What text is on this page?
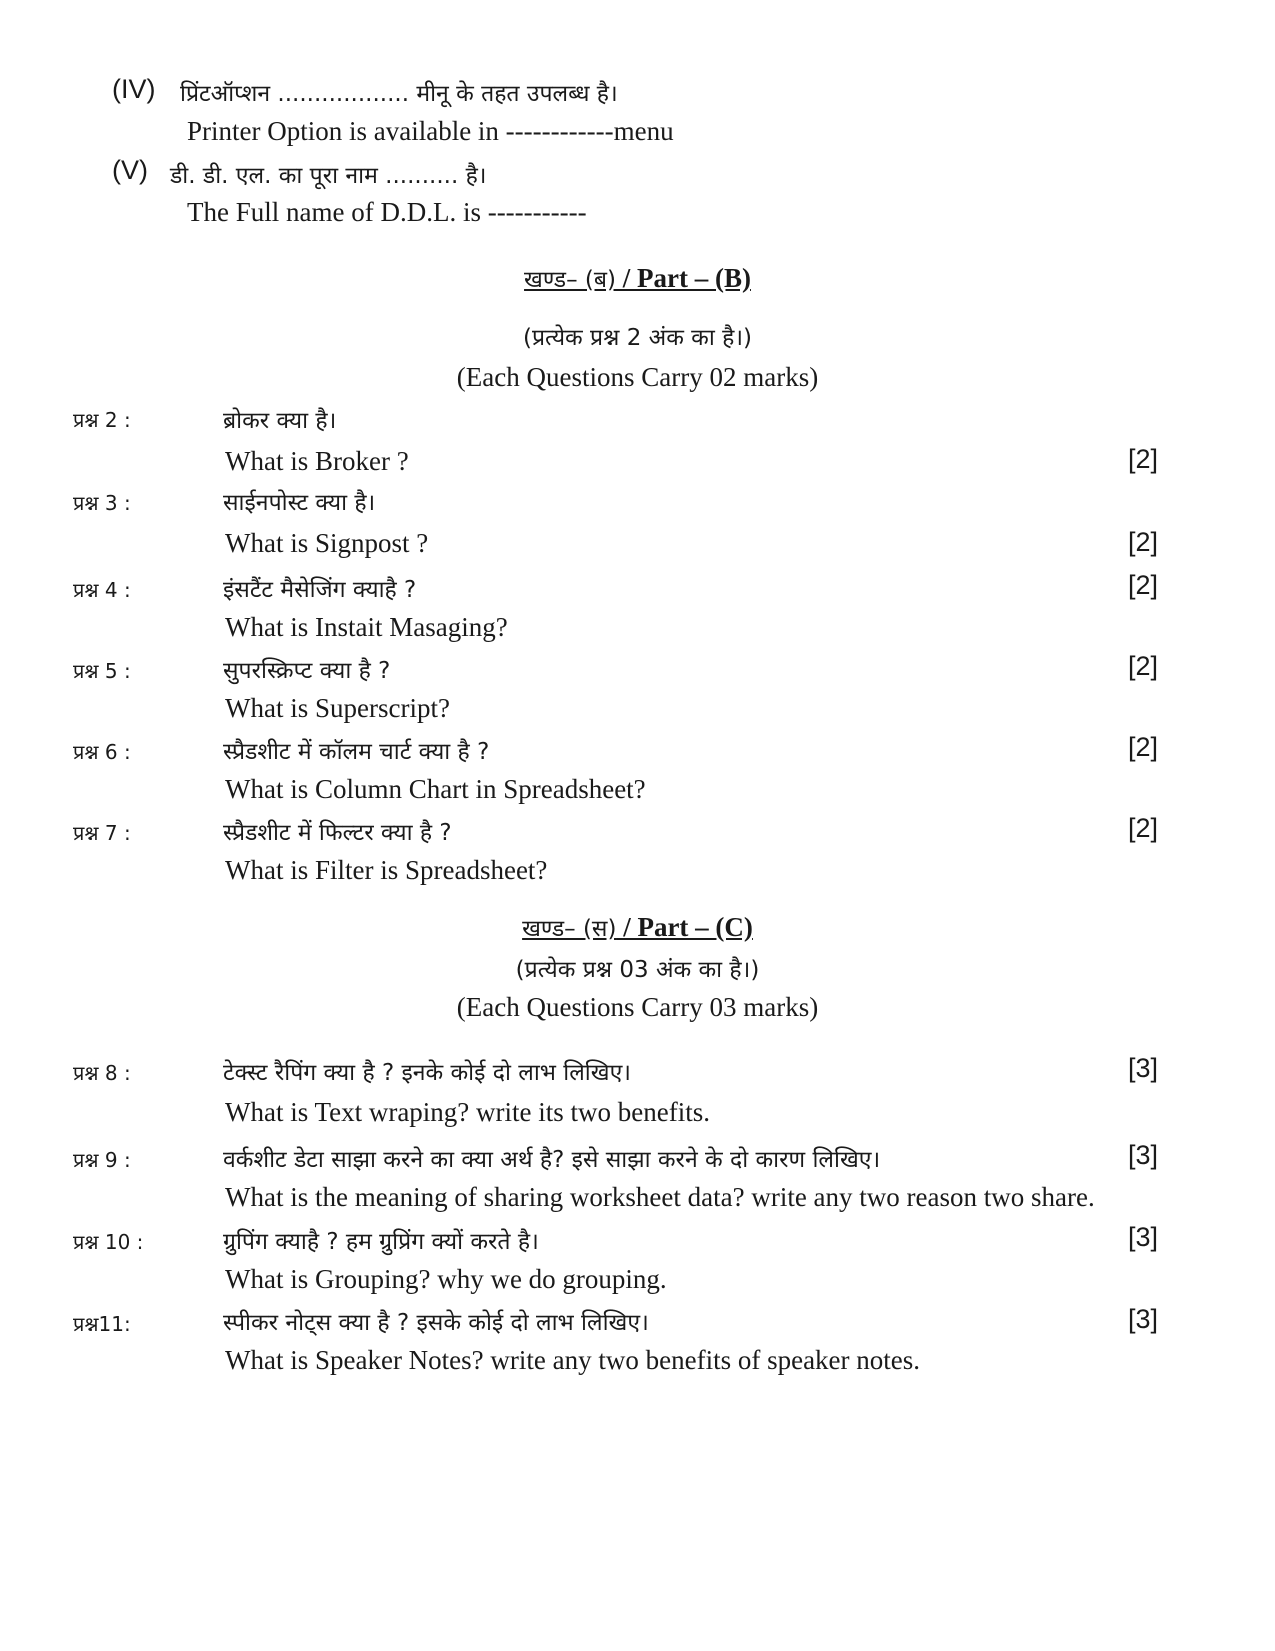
(IV) प्रिंटऑप्शन .................. मीनू के तहत उपलब्ध है।
Printer Option is available in ------------menu
(V) डी. डी. एल. का पूरा नाम .......... है।
The Full name of D.D.L. is -----------
खण्ड– (ब) / Part – (B)
(प्रत्येक प्रश्न 2 अंक का है।)
(Each Questions Carry 02 marks)
प्रश्न 2 :	ब्रोकर क्या है।
What is Broker ?	[2]
प्रश्न 3 :	साईनपोस्ट क्या है।
What is Signpost ?	[2]
प्रश्न 4 :	इंसटैंट मैसेजिंग क्याहै ?	[2]
What is Instait Masaging?
प्रश्न 5 :	सुपरस्क्रिप्ट क्या है ?	[2]
What is Superscript?
प्रश्न 6 :	स्प्रैडशीट में कॉलम चार्ट क्या है ?	[2]
What is Column Chart in Spreadsheet?
प्रश्न 7 :	स्प्रैडशीट में फिल्टर क्या है ?	[2]
What is Filter is Spreadsheet?
खण्ड– (स) / Part – (C)
(प्रत्येक प्रश्न 03 अंक का है।)
(Each Questions Carry 03 marks)
प्रश्न 8 :	टेक्स्ट रैपिंग क्या है ? इनके कोई दो लाभ लिखिए।	[3]
What is Text wraping? write its two benefits.
प्रश्न 9 :	वर्कशीट डेटा साझा करने का क्या अर्थ है? इसे साझा करने के दो कारण लिखिए।	[3]
What is the meaning of sharing worksheet data? write any two reason two share.
प्रश्न 10 :	ग्रुपिंग क्याहै ? हम ग्रुप्रिंग क्यों करते है।	[3]
What is Grouping? why we do grouping.
प्रश्न11:	स्पीकर नोट्स क्या है ? इसके कोई दो लाभ लिखिए।	[3]
What is Speaker Notes? write any two benefits of speaker notes.
